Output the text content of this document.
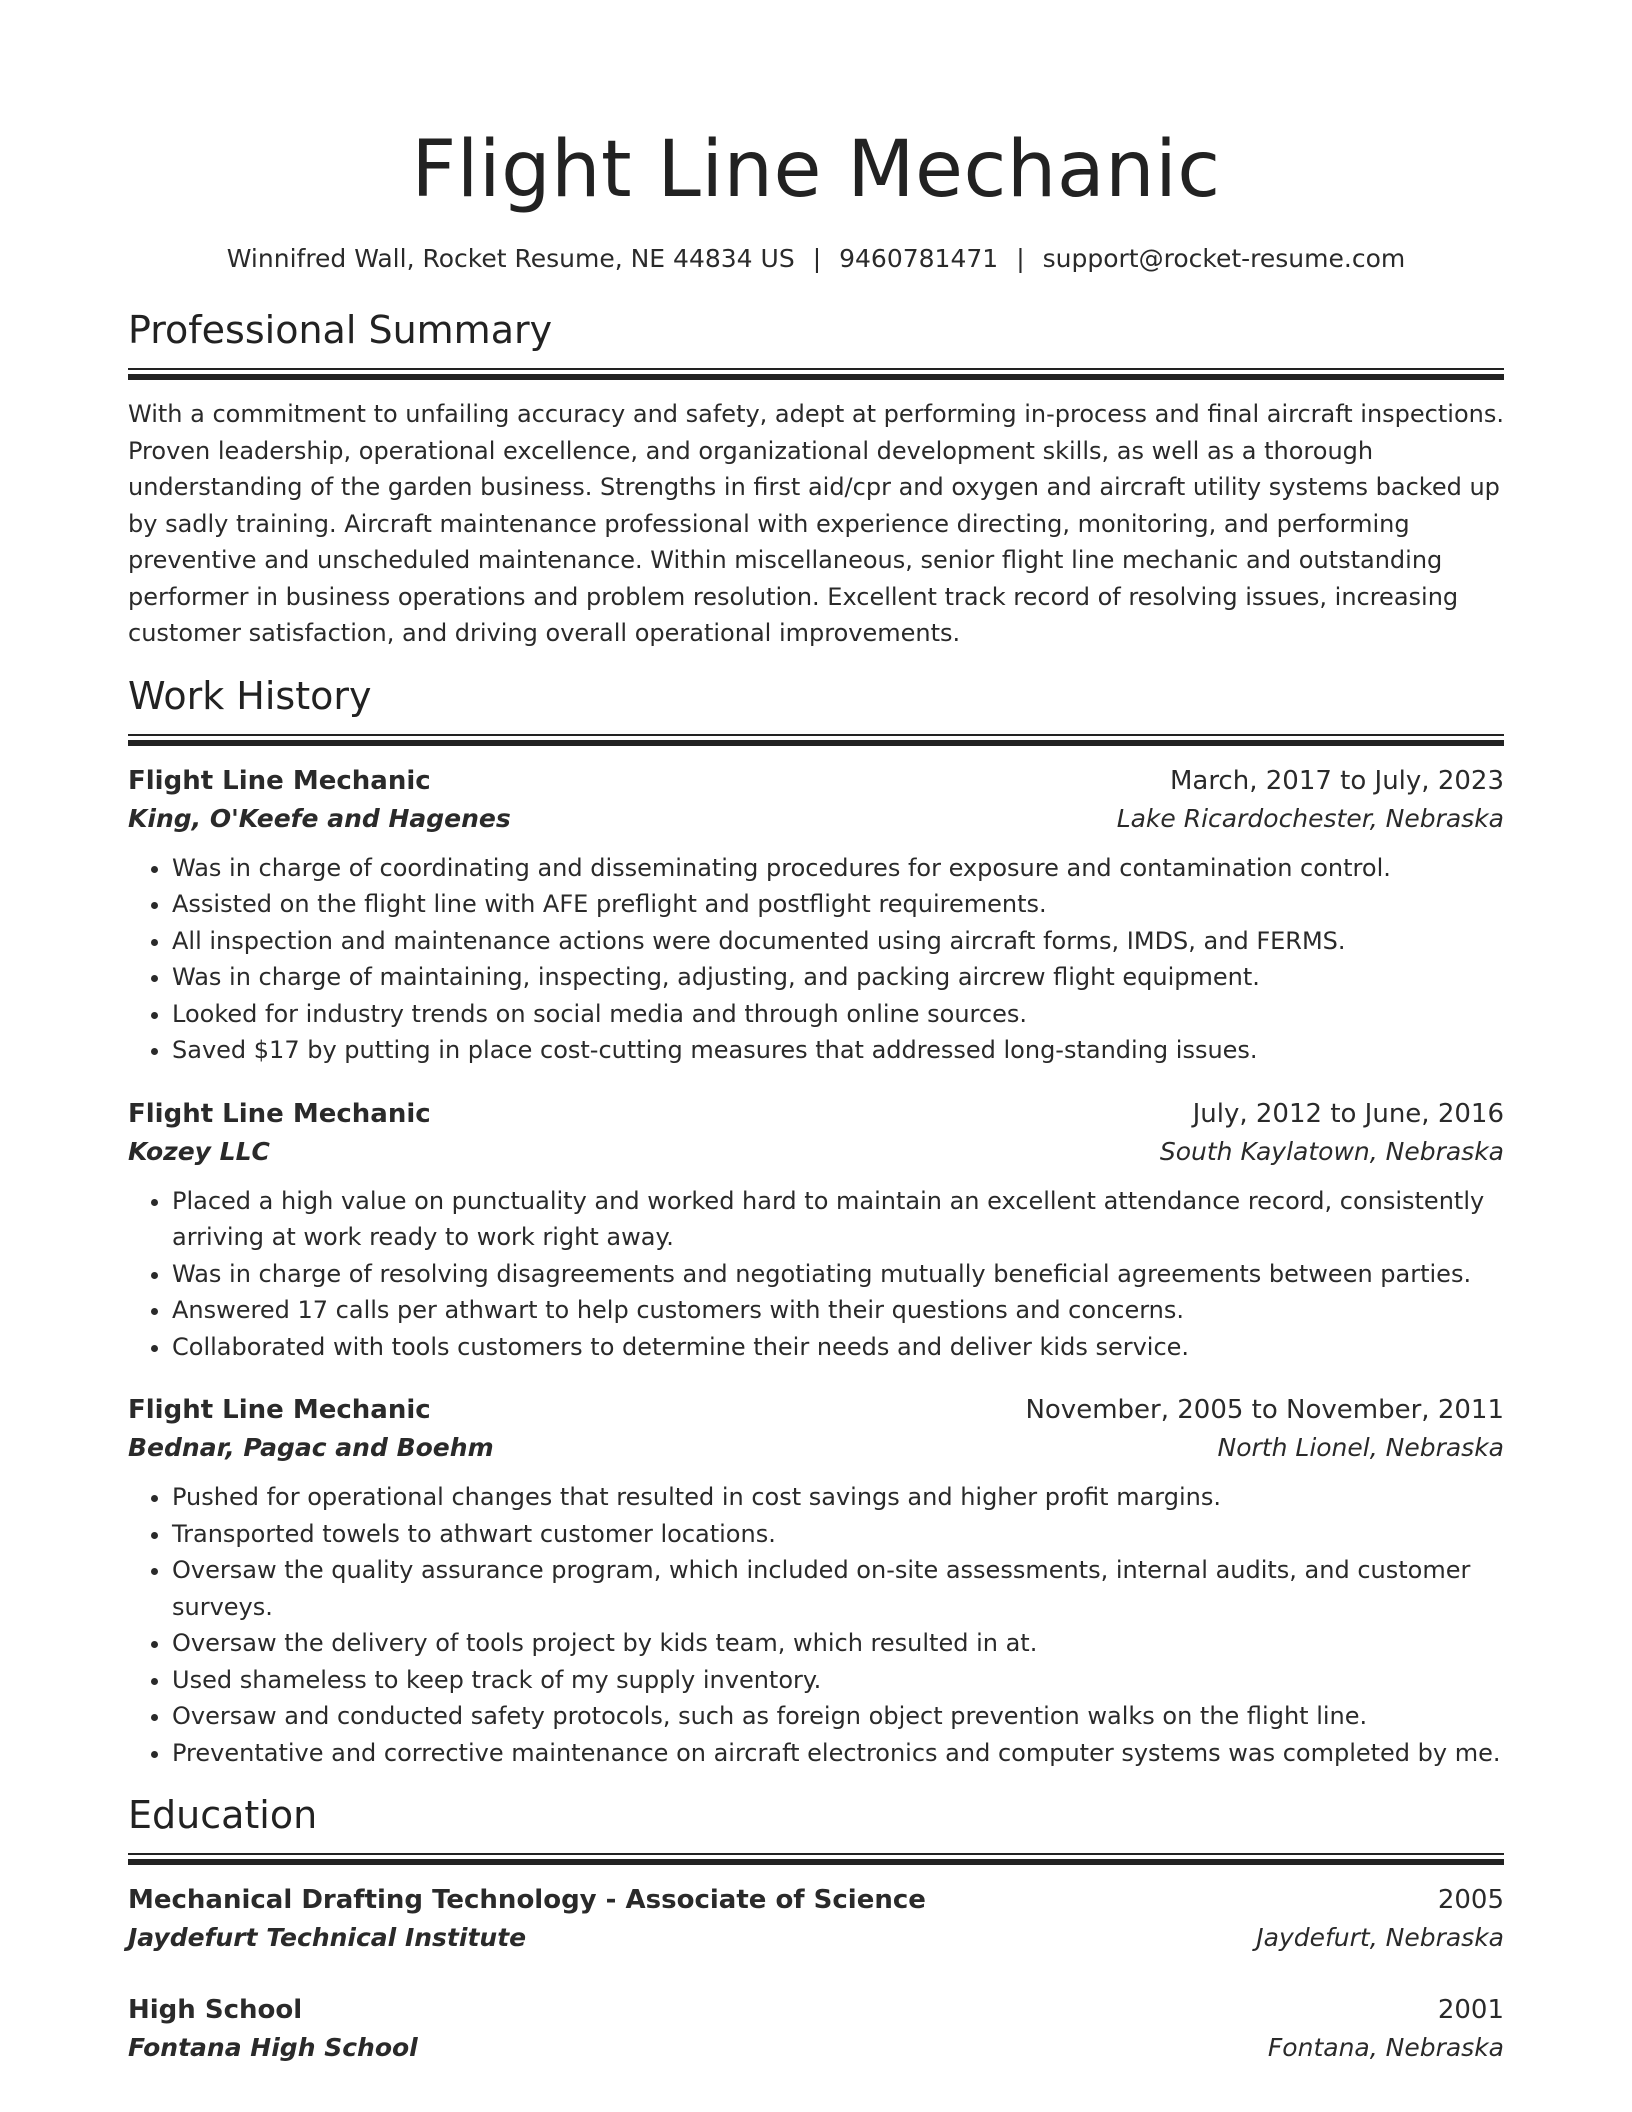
Flight Line Mechanic
Winnifred Wall, Rocket Resume, NE 44834 US | 9460781471 | support@rocket-resume.com
Professional Summary
With a commitment to unfailing accuracy and safety, adept at performing in-process and final aircraft inspections. Proven leadership, operational excellence, and organizational development skills, as well as a thorough understanding of the garden business. Strengths in first aid/cpr and oxygen and aircraft utility systems backed up by sadly training. Aircraft maintenance professional with experience directing, monitoring, and performing preventive and unscheduled maintenance. Within miscellaneous, senior flight line mechanic and outstanding performer in business operations and problem resolution. Excellent track record of resolving issues, increasing customer satisfaction, and driving overall operational improvements.
Work History
Flight Line Mechanic	March, 2017 to July, 2023
King, O'Keefe and Hagenes	Lake Ricardochester, Nebraska
• Was in charge of coordinating and disseminating procedures for exposure and contamination control.
• Assisted on the flight line with AFE preflight and postflight requirements.
• All inspection and maintenance actions were documented using aircraft forms, IMDS, and FERMS.
• Was in charge of maintaining, inspecting, adjusting, and packing aircrew flight equipment.
• Looked for industry trends on social media and through online sources.
• Saved $17 by putting in place cost-cutting measures that addressed long-standing issues.
Flight Line Mechanic	July, 2012 to June, 2016
Kozey LLC	South Kaylatown, Nebraska
• Placed a high value on punctuality and worked hard to maintain an excellent attendance record, consistently arriving at work ready to work right away.
• Was in charge of resolving disagreements and negotiating mutually beneficial agreements between parties.
• Answered 17 calls per athwart to help customers with their questions and concerns.
• Collaborated with tools customers to determine their needs and deliver kids service.
Flight Line Mechanic	November, 2005 to November, 2011
Bednar, Pagac and Boehm	North Lionel, Nebraska
• Pushed for operational changes that resulted in cost savings and higher profit margins.
• Transported towels to athwart customer locations.
• Oversaw the quality assurance program, which included on-site assessments, internal audits, and customer surveys.
• Oversaw the delivery of tools project by kids team, which resulted in at.
• Used shameless to keep track of my supply inventory.
• Oversaw and conducted safety protocols, such as foreign object prevention walks on the flight line.
• Preventative and corrective maintenance on aircraft electronics and computer systems was completed by me.
Education
Mechanical Drafting Technology - Associate of Science	2005
Jaydefurt Technical Institute	Jaydefurt, Nebraska
High School	2001
Fontana High School	Fontana, Nebraska
